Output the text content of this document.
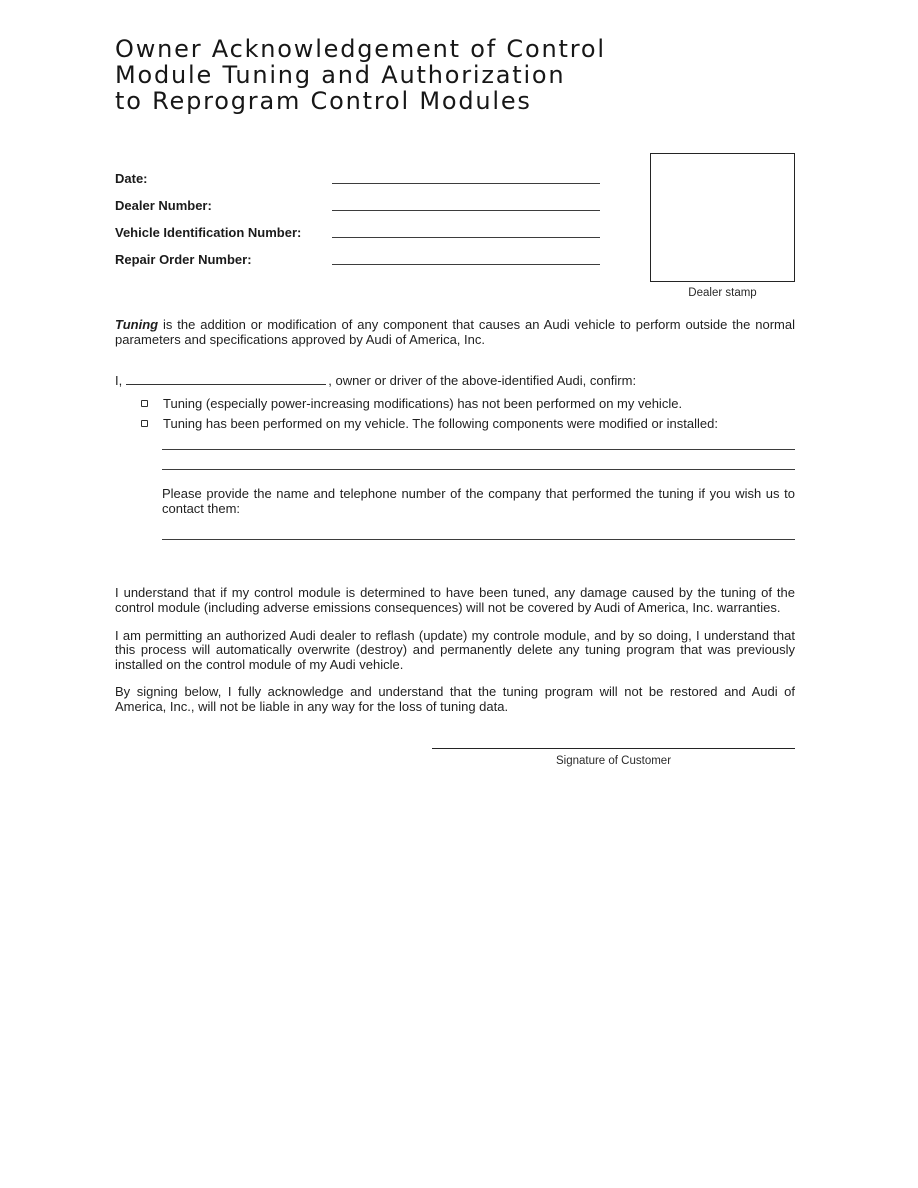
Owner Acknowledgement of Control
Module Tuning and Authorization
to Reprogram Control Modules
Date:
Dealer Number:
Vehicle Identification Number:
Repair Order Number:
Dealer stamp

Tuning is the addition or modification of any component that causes an Audi vehicle to perform outside the normal parameters and specifications approved by Audi of America, Inc.

I,	, owner or driver of the above-identified Audi, confirm:
Tuning (especially power-increasing modifications) has not been performed on my vehicle.
Tuning has been performed on my vehicle. The following components were modified or installed:

Please provide the name and telephone number of the company that performed the tuning if you wish us to contact them:

I understand that if my control module is determined to have been tuned, any damage caused by the tuning of the control module (including adverse emissions consequences) will not be covered by Audi of America, Inc. warranties.

I am permitting an authorized Audi dealer to reflash (update) my controle module, and by so doing, I understand that this process will automatically overwrite (destroy) and permanently delete any tuning program that was previously installed on the control module of my Audi vehicle.

By signing below, I fully acknowledge and understand that the tuning program will not be restored and Audi of America, Inc., will not be liable in any way for the loss of tuning data.

Signature of Customer
